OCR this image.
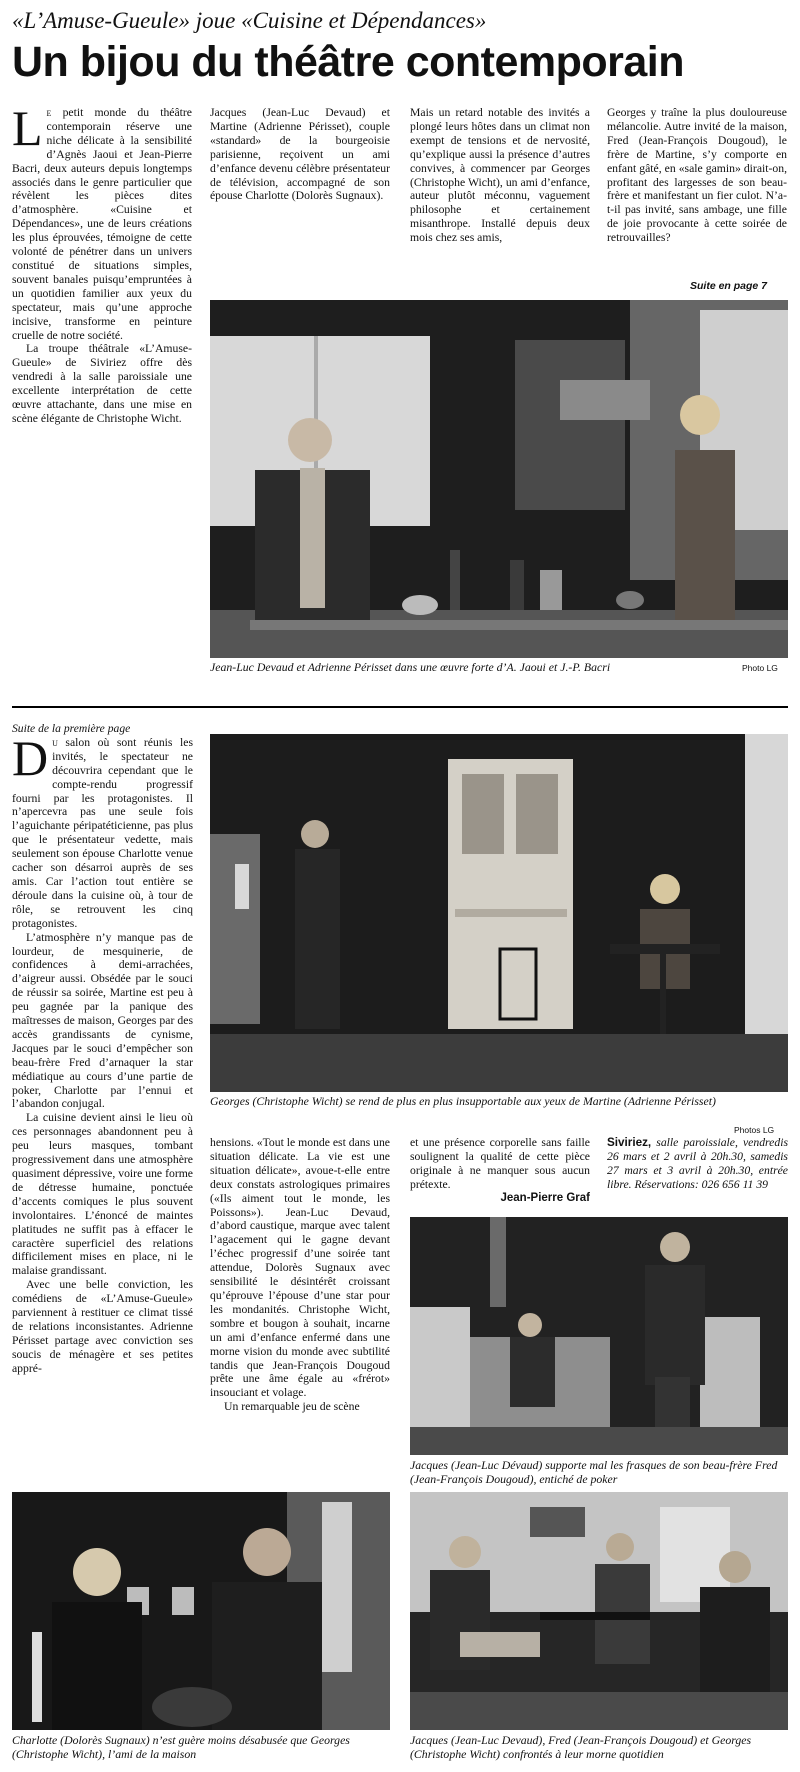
«L’Amuse-Gueule» joue «Cuisine et Dépendances»
Un bijou du théâtre contemporain

Le petit monde du théâtre contemporain réserve une niche délicate à la sensibilité d’Agnès Jaoui et Jean-Pierre Bacri, deux auteurs depuis longtemps associés dans le genre particulier que révèlent les pièces dites d’atmosphère. «Cuisine et Dépendances», une de leurs créations les plus éprouvées, témoigne de cette volonté de pénétrer dans un univers constitué de situations simples, souvent banales puisqu’empruntées à un quotidien familier aux yeux du spectateur, mais qu’une approche incisive, transforme en peinture cruelle de notre société.

La troupe théâtrale «L’Amuse-Gueule» de Siviriez offre dès vendredi à la salle paroissiale une excellente interprétation de cette œuvre attachante, dans une mise en scène élégante de Christophe Wicht.

Jacques (Jean-Luc Devaud) et Martine (Adrienne Périsset), couple «standard» de la bourgeoisie parisienne, reçoivent un ami d’enfance devenu célèbre présentateur de télévision, accompagné de son épouse Charlotte (Dolorès Sugnaux).

Mais un retard notable des invités a plongé leurs hôtes dans un climat non exempt de tensions et de nervosité, qu’explique aussi la présence d’autres convives, à commencer par Georges (Christophe Wicht), un ami d’enfance, auteur plutôt méconnu, vaguement philosophe et certainement misanthrope. Installé depuis deux mois chez ses amis,

Georges y traîne la plus douloureuse mélancolie. Autre invité de la maison, Fred (Jean-François Dougoud), le frère de Martine, s’y comporte en enfant gâté, en «sale gamin» dirait-on, profitant des largesses de son beau-frère et manifestant un fier culot. N’a-t-il pas invité, sans ambage, une fille de joie provocante à cette soirée de retrouvailles?

Suite en page 7
Jean-Luc Devaud et Adrienne Périsset dans une œuvre forte d’A. Jaoui et J.-P. Bacri	Photo LG

Suite de la première page

Du salon où sont réunis les invités, le spectateur ne découvrira cependant que le compte-rendu progressif fourni par les protagonistes. Il n’apercevra pas une seule fois l’aguichante péripatéticienne, pas plus que le présentateur vedette, mais seulement son épouse Charlotte venue cacher son désarroi auprès de ses amis. Car l’action tout entière se déroule dans la cuisine où, à tour de rôle, se retrouvent les cinq protagonistes.

L’atmosphère n’y manque pas de lourdeur, de mesquinerie, de confidences à demi-arrachées, d’aigreur aussi. Obsédée par le souci de réussir sa soirée, Martine est peu à peu gagnée par la panique des maîtresses de maison, Georges par des accès grandissants de cynisme, Jacques par le souci d’empêcher son beau-frère Fred d’arnaquer la star médiatique au cours d’une partie de poker, Charlotte par l’ennui et l’abandon conjugal.

La cuisine devient ainsi le lieu où ces personnages abandonnent peu à peu leurs masques, tombant progressivement dans une atmosphère quasiment dépressive, voire une forme de détresse humaine, ponctuée d’accents comiques le plus souvent involontaires. L’énoncé de maintes platitudes ne suffit pas à effacer le caractère superficiel des relations difficilement mises en place, ni le malaise grandissant.

Avec une belle conviction, les comédiens de «L’Amuse-Gueule» parviennent à restituer ce climat tissé de relations inconsistantes. Adrienne Périsset partage avec conviction ses soucis de ménagère et ses petites appré-

Georges (Christophe Wicht) se rend de plus en plus insupportable aux yeux de Martine (Adrienne Périsset)
Photos LG

hensions. «Tout le monde est dans une situation délicate. La vie est une situation délicate», avoue-t-elle entre deux constats astrologiques primaires («Ils aiment tout le monde, les Poissons»). Jean-Luc Devaud, d’abord caustique, marque avec talent l’agacement qui le gagne devant l’échec progressif d’une soirée tant attendue, Dolorès Sugnaux avec sensibilité le désintérêt croissant qu’éprouve l’épouse d’une star pour les mondanités. Christophe Wicht, sombre et bougon à souhait, incarne un ami d’enfance enfermé dans une morne vision du monde avec subtilité tandis que Jean-François Dougoud prête une âme égale au «frérot» insouciant et volage.

Un remarquable jeu de scène

et une présence corporelle sans faille soulignent la qualité de cette pièce originale à ne manquer sous aucun prétexte.

Jean-Pierre Graf

Siviriez, salle paroissiale, vendredis 26 mars et 2 avril à 20h.30, samedis 27 mars et 3 avril à 20h.30, entrée libre. Réservations: 026 656 11 39

Jacques (Jean-Luc Dévaud) supporte mal les frasques de son beau-frère Fred (Jean-François Dougoud), entiché de poker
Charlotte (Dolorès Sugnaux) n’est guère moins désabusée que Georges (Christophe Wicht), l’ami de la maison
Jacques (Jean-Luc Devaud), Fred (Jean-François Dougoud) et Georges (Christophe Wicht) confrontés à leur morne quotidien
